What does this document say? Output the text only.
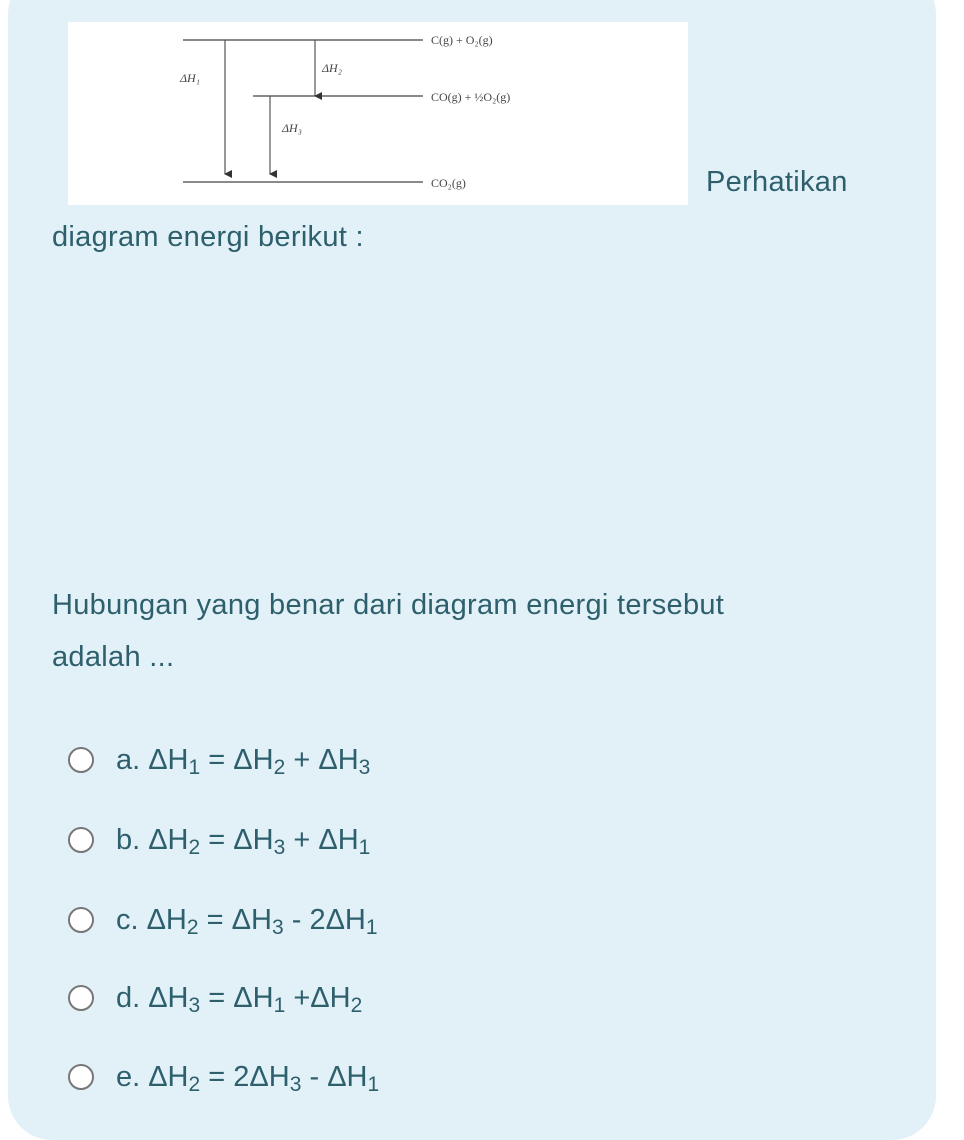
C(g) + O₂(g)
CO(g) + ½O₂(g)
CO₂(g)
ΔH₁
ΔH₂
ΔH₃
Perhatikan
diagram energi berikut :
Hubungan yang benar dari diagram energi tersebut
adalah ...
a. ΔH 1 = ΔH 2 + ΔH 3
b. ΔH 2 = ΔH 3 + ΔH 1
c. ΔH 2 = ΔH 3 - 2ΔH 1
d. ΔH 3 = ΔH 1 + ΔH 2
e. ΔH 2 = 2ΔH 3 - ΔH 1
